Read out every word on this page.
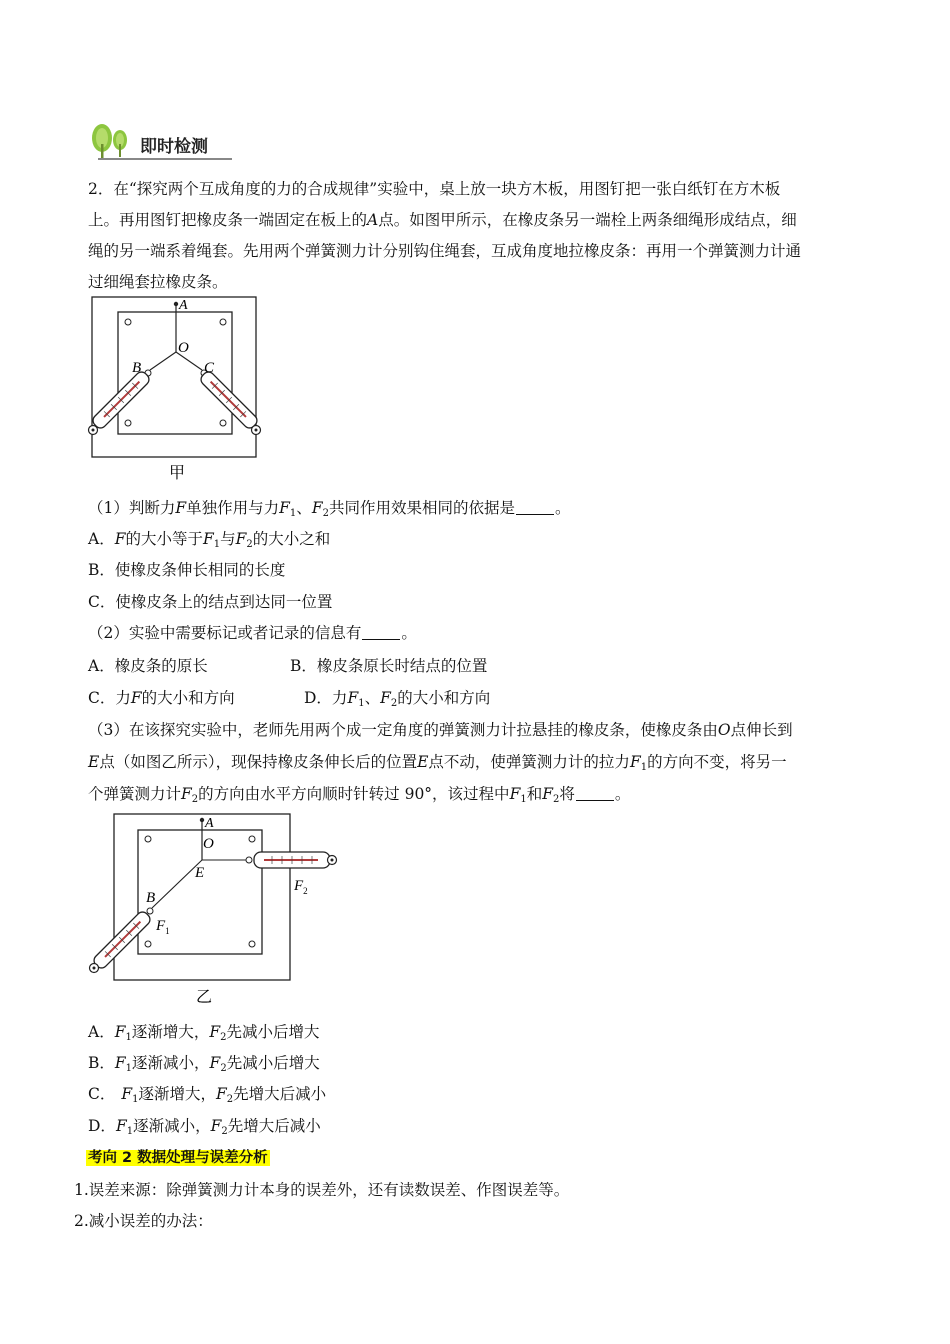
即时检测
2．在“探究两个互成角度的力的合成规律”实验中，桌上放一块方木板，用图钉把一张白纸钉在方木板
上。再用图钉把橡皮条一端固定在板上的A点。如图甲所示，在橡皮条另一端栓上两条细绳形成结点，细
绳的另一端系着绳套。先用两个弹簧测力计分别钩住绳套，互成角度地拉橡皮条：再用一个弹簧测力计通
过细绳套拉橡皮条。
A
O
B	C
甲
（1）判断力F单独作用与力$F_1$、$F_2$共同作用效果相同的依据是	。
A．F的大小等于$F_1$与$F_2$的大小之和
B．使橡皮条伸长相同的长度
C．使橡皮条上的结点到达同一位置
（2）实验中需要标记或者记录的信息有	。
A．橡皮条的原长	B．橡皮条原长时结点的位置
C．力F的大小和方向	D．力$F_1$、$F_2$的大小和方向
（3）在该探究实验中，老师先用两个成一定角度的弹簧测力计拉悬挂的橡皮条，使橡皮条由O点伸长到
E点（如图乙所示），现保持橡皮条伸长后的位置E点不动，使弹簧测力计的拉力$F_1$的方向不变，将另一
个弹簧测力计$F_2$的方向由水平方向顺时针转过 90°，该过程中$F_1$和$F_2$将	。
A
O
E
B
$F_1$
$F_2$
乙
A．$F_1$逐渐增大，$F_2$先减小后增大
B．$F_1$逐渐减小，$F_2$先减小后增大
C． $F_1$逐渐增大，$F_2$先增大后减小
D．$F_1$逐渐减小，$F_2$先增大后减小
考向 2 数据处理与误差分析
1.误差来源：除弹簧测力计本身的误差外，还有读数误差、作图误差等。
2.减小误差的办法：
